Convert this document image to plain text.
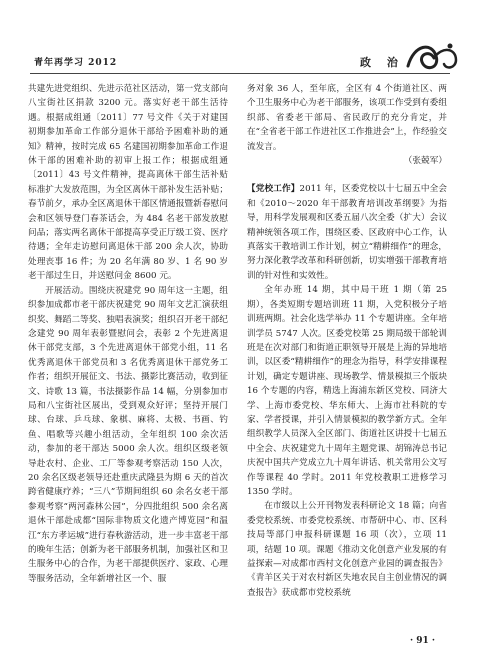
青年再学习 2012	政 治

共建先进党组织、先进示范社区活动，第一党支部向八宝街社区捐款 3200 元。落实好老干部生活待遇。根据成组通〔2011〕77 号文件《关于对建国初期参加革命工作部分退休干部给予困难补助的通知》精神，按时完成 65 名建国初期参加革命工作退休干部的困难补助的初审上报工作；根据成组通〔2011〕43 号文件精神，提高离休干部生活补贴标准扩大发放范围，为全区离休干部补发生活补贴；春节前夕，承办全区离退休干部区情通报暨新春慰问会和区领导登门春茶话会，为 484 名老干部发放慰问品；落实两名离休干部提高享受正厅级工资、医疗待遇；全年走访慰问离退休干部 200 余人次，协助处理丧事 16 件；为 20 名年满 80 岁、1 名 90 岁老干部过生日，并送慰问金 8600 元。

开展活动。围绕庆祝建党 90 周年这一主题，组织参加成都市老干部庆祝建党 90 周年文艺汇演获组织奖、舞蹈二等奖、独唱表演奖；组织召开老干部纪念建党 90 周年表彰暨慰问会，表彰 2 个先进离退休干部党支部，3 个先进离退休干部党小组，11 名优秀离退休干部党员和 3 名优秀离退休干部党务工作者；组织开展征文、书法、摄影比赛活动，收到征文、诗歌 13 篇，书法摄影作品 14 幅，分别参加市局和八宝街社区展出，受到观众好评；坚持开展门球、台球、乒乓球、象棋、麻将、太极、书画、钓鱼、唱歌等兴趣小组活动，全年组织 100 余次活动，参加的老干部达 5000 余人次。组织区级老领导赴农村、企业、工厂等参观考察活动 150 人次，20 余名区级老领导还赴重庆武隆县为期 6 天的首次跨省健康疗养；“三八”节期间组织 60 余名女老干部参观考察“两河森林公园”，分四批组织 500 余名离退休干部赴成都“国际非物质文化遗产博览园”和温江“东方孝运城”进行春秋游活动，进一步丰富老干部的晚年生活；创新为老干部服务机制，加强社区和卫生服务中心的合作，为老干部提供医疗、家政、心理等服务活动，全年新增社区一个、服

务对象 36 人，至年底，全区有 4 个街道社区、两个卫生服务中心为老干部服务，该项工作受到有委组织部、省委老干部局、省民政厅的充分肯定，并在“全省老干部工作进社区工作推进会”上，作经验交流发言。

（张兢军）

【党校工作】2011 年，区委党校以十七届五中全会和《2010～2020 年干部教育培训改革纲要》为指导，用科学发展观和区委五届八次全委（扩大）会议精神统领各项工作，围绕区委、区政府中心工作，认真落实干教培训工作计划，树立“精耕细作”的理念，努力深化教学改革和科研创新，切实增强干部教育培训的针对性和实效性。

全年办班 14 期，其中局干班 1 期（第 25 期），各类短期专题培训班 11 期，入党积极分子培训班两期。社会化选学举办 11 个专题讲座。全年培训学员 5747 人次。区委党校第 25 期局级干部轮训班是在次对部门和街道正职领导开展是上海的异地培训，以区委“精耕细作”的理念为指导，科学安排课程计划，确定专题讲座、现场教学、情景模拟三个版块 16 个专题的内容，精选上海浦东新区党校、同济大学、上海市委党校、华东师大、上海市社科院的专家、学者授课，并引入情景模拟的教学新方式。全年组织教学人员深入全区部门、街道社区讲授十七届五中全会、庆祝建党九十周年主题党课、胡锦涛总书记庆祝中国共产党成立九十周年讲话、机关常用公文写作等课程 40 学时。2011 年党校教职工进修学习 1350 学时。

在市级以上公开刊物发表科研论文 18 篇；向省委党校系统、市委党校系统、市帮研中心、市、区科技局等部门申报科研课题 16 项（次），立项 11 项，结题 10 项。课题《推动文化创意产业发展的有益探索—对成都市西村文化创意产业园的调查报告》《青羊区关于对农村新区失地农民自主创业情况的调查报告》获成都市党校系统

· 91 ·
